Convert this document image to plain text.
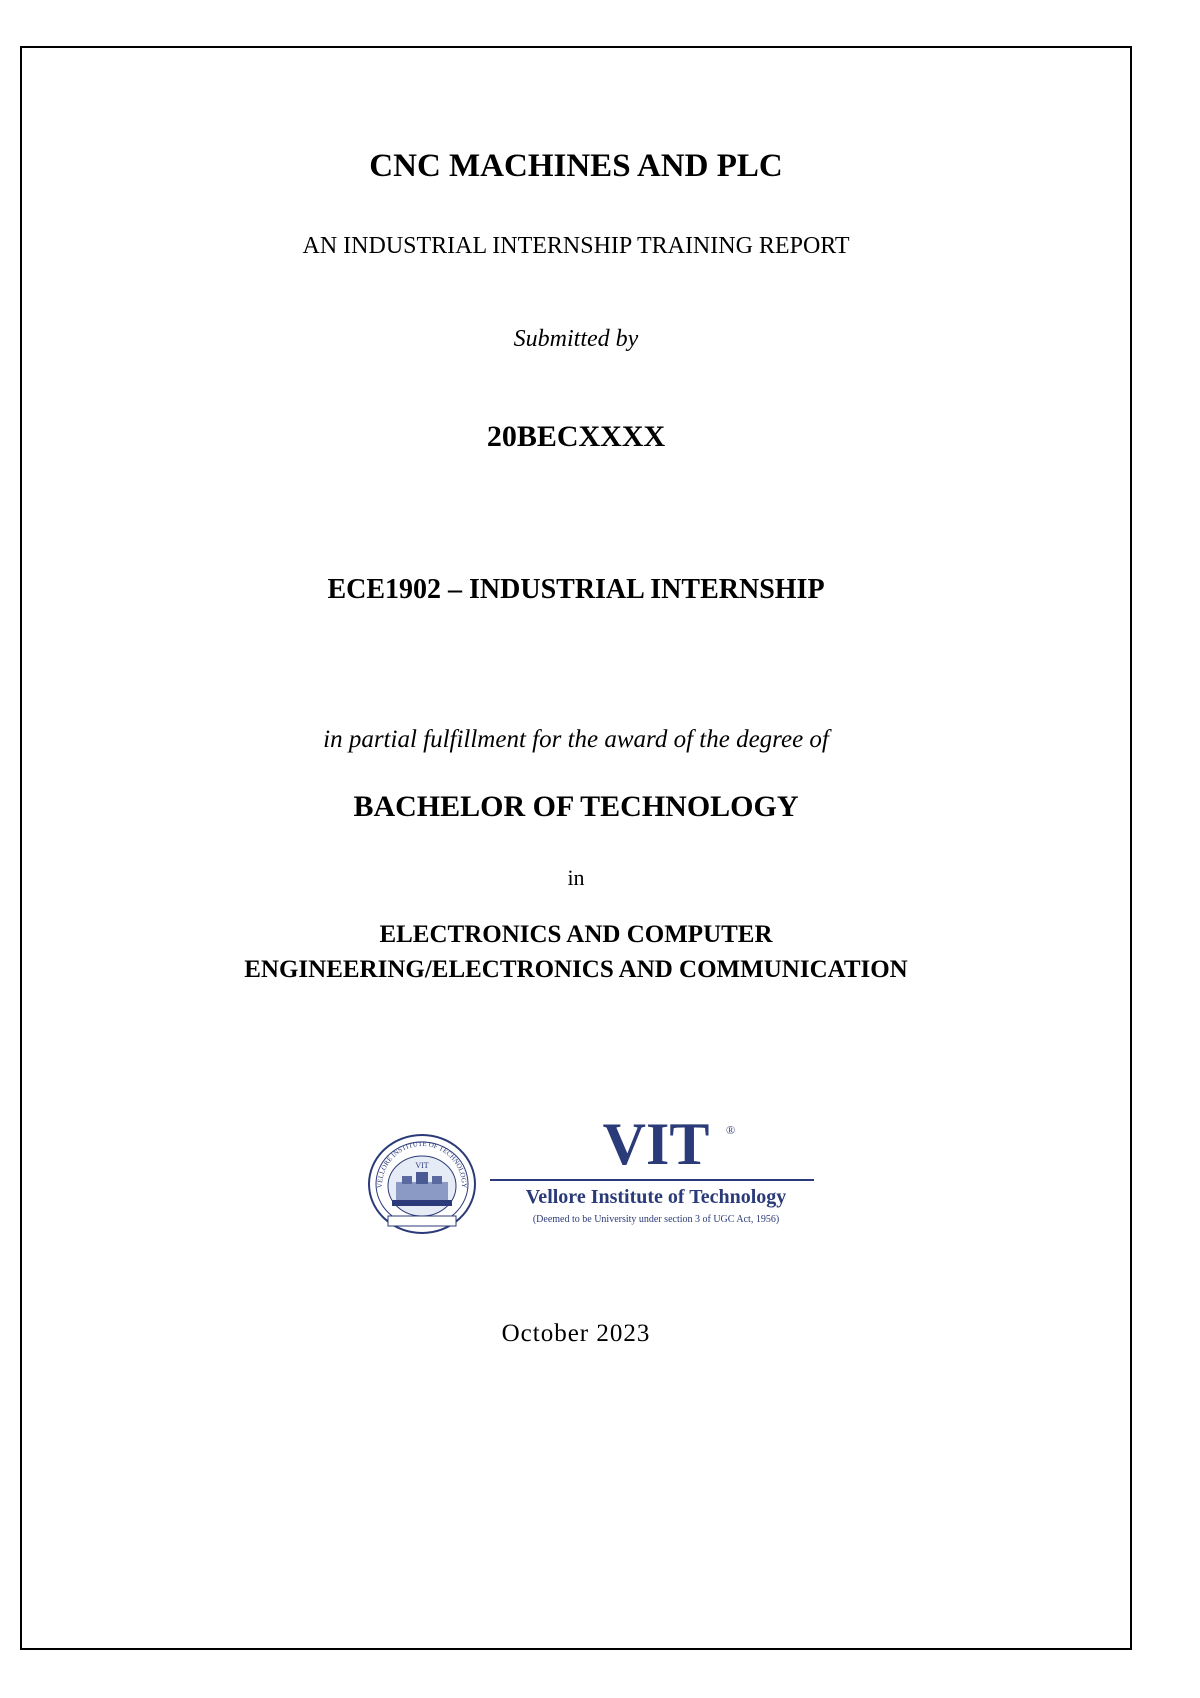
CNC MACHINES AND PLC
AN INDUSTRIAL INTERNSHIP TRAINING REPORT
Submitted by
20BECXXXX
ECE1902 – INDUSTRIAL INTERNSHIP
in partial fulfillment for the award of the degree of
BACHELOR OF TECHNOLOGY
in
ELECTRONICS AND COMPUTER
ENGINEERING/ELECTRONICS AND COMMUNICATION
VELLORE INSTITUTE OF TECHNOLOGY
VIT	VIT	®
Vellore Institute of Technology
(Deemed to be University under section 3 of UGC Act, 1956)
October 2023
